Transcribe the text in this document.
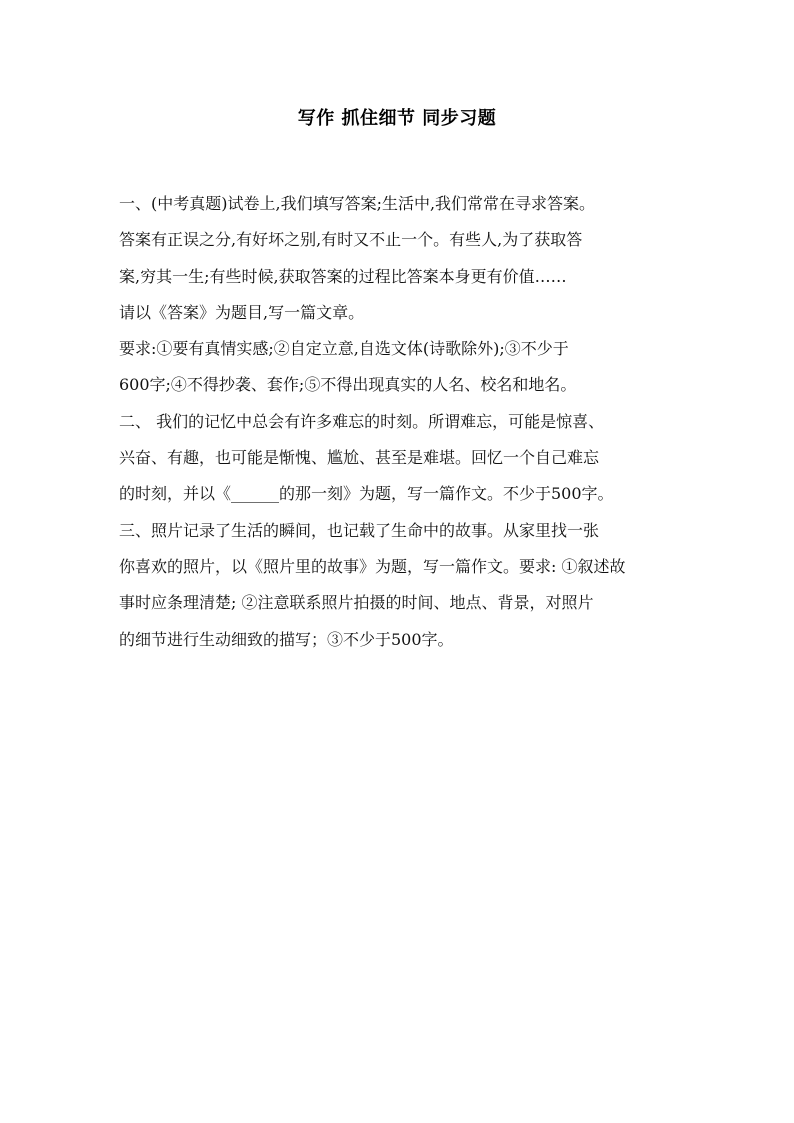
写作 抓住细节 同步习题
一、(中考真题)试卷上,我们填写答案;生活中,我们常常在寻求答案。
答案有正误之分,有好坏之别,有时又不止一个。有些人,为了获取答
案,穷其一生;有些时候,获取答案的过程比答案本身更有价值……
请以《答案》为题目,写一篇文章。
要求:①要有真情实感;②自定立意,自选文体(诗歌除外);③不少于
600字;④不得抄袭、套作;⑤不得出现真实的人名、校名和地名。
二、 我们的记忆中总会有许多难忘的时刻。所谓难忘，可能是惊喜、
兴奋、有趣，也可能是惭愧、尴尬、甚至是难堪。回忆一个自己难忘
的时刻，并以《______的那一刻》为题，写一篇作文。不少于500字。
三、照片记录了生活的瞬间，也记载了生命中的故事。从家里找一张
你喜欢的照片，以《照片里的故事》为题，写一篇作文。要求: ①叙述故
事时应条理清楚; ②注意联系照片拍摄的时间、地点、背景，对照片
的细节进行生动细致的描写；③不少于500字。
